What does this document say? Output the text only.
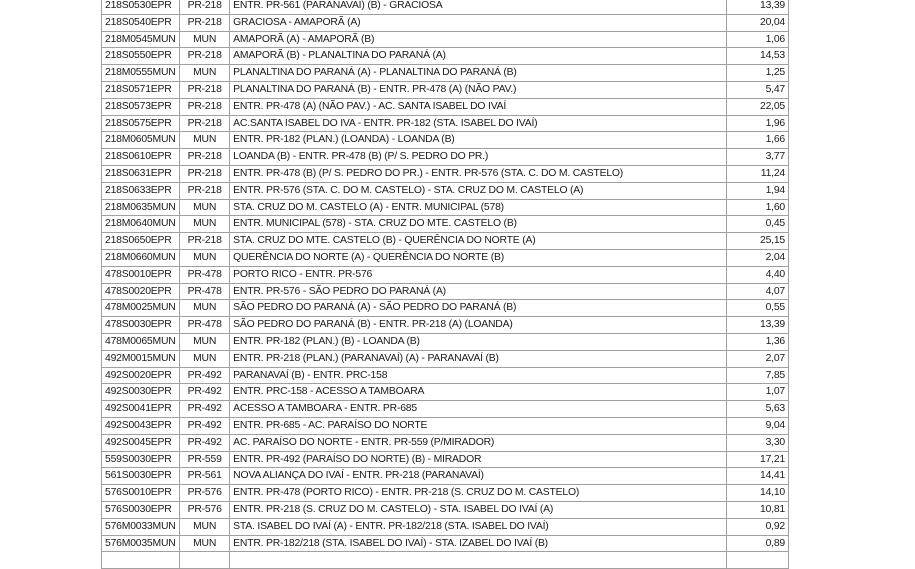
218S0530EPR	PR-218	ENTR. PR-561 (PARANAVAÍ) (B) - GRACIOSA	13,39
218S0540EPR	PR-218	GRACIOSA - AMAPORÃ (A)	20,04
218M0545MUN	MUN	AMAPORÃ (A) - AMAPORÃ (B)	1,06
218S0550EPR	PR-218	AMAPORÃ (B) - PLANALTINA DO PARANÁ (A)	14,53
218M0555MUN	MUN	PLANALTINA DO PARANÁ (A) - PLANALTINA DO PARANÁ (B)	1,25
218S0571EPR	PR-218	PLANALTINA DO PARANÁ (B) - ENTR. PR-478 (A) (NÃO PAV.)	5,47
218S0573EPR	PR-218	ENTR. PR-478 (A) (NÃO PAV.) - AC. SANTA ISABEL DO IVAÍ	22,05
218S0575EPR	PR-218	AC.SANTA ISABEL DO IVA - ENTR. PR-182 (STA. ISABEL DO IVAÍ)	1,96
218M0605MUN	MUN	ENTR. PR-182 (PLAN.) (LOANDA) - LOANDA (B)	1,66
218S0610EPR	PR-218	LOANDA (B) - ENTR. PR-478 (B) (P/ S. PEDRO DO PR.)	3,77
218S0631EPR	PR-218	ENTR. PR-478 (B) (P/ S. PEDRO DO PR.) - ENTR. PR-576 (STA. C. DO M. CASTELO)	11,24
218S0633EPR	PR-218	ENTR. PR-576 (STA. C. DO M. CASTELO) - STA. CRUZ DO M. CASTELO (A)	1,94
218M0635MUN	MUN	STA. CRUZ DO M. CASTELO (A) - ENTR. MUNICIPAL (578)	1,60
218M0640MUN	MUN	ENTR. MUNICIPAL (578) - STA. CRUZ DO MTE. CASTELO (B)	0,45
218S0650EPR	PR-218	STA. CRUZ DO MTE. CASTELO (B) - QUERÊNCIA DO NORTE (A)	25,15
218M0660MUN	MUN	QUERÊNCIA DO NORTE (A) - QUERÊNCIA DO NORTE (B)	2,04
478S0010EPR	PR-478	PORTO RICO - ENTR. PR-576	4,40
478S0020EPR	PR-478	ENTR. PR-576 - SÃO PEDRO DO PARANÁ (A)	4,07
478M0025MUN	MUN	SÃO PEDRO DO PARANÁ (A) - SÃO PEDRO DO PARANÁ (B)	0,55
478S0030EPR	PR-478	SÃO PEDRO DO PARANÁ (B) - ENTR. PR-218 (A) (LOANDA)	13,39
478M0065MUN	MUN	ENTR. PR-182 (PLAN.) (B) - LOANDA (B)	1,36
492M0015MUN	MUN	ENTR. PR-218 (PLAN.) (PARANAVAÍ) (A) - PARANAVAÍ (B)	2,07
492S0020EPR	PR-492	PARANAVAÍ (B) - ENTR. PRC-158	7,85
492S0030EPR	PR-492	ENTR. PRC-158 - ACESSO A TAMBOARA	1,07
492S0041EPR	PR-492	ACESSO A TAMBOARA - ENTR. PR-685	5,63
492S0043EPR	PR-492	ENTR. PR-685 - AC. PARAÍSO DO NORTE	9,04
492S0045EPR	PR-492	AC. PARAÍSO DO NORTE - ENTR. PR-559 (P/MIRADOR)	3,30
559S0030EPR	PR-559	ENTR. PR-492 (PARAÍSO DO NORTE) (B) - MIRADOR	17,21
561S0030EPR	PR-561	NOVA ALIANÇA DO IVAÍ - ENTR. PR-218 (PARANAVAÍ)	14,41
576S0010EPR	PR-576	ENTR. PR-478 (PORTO RICO) - ENTR. PR-218 (S. CRUZ DO M. CASTELO)	14,10
576S0030EPR	PR-576	ENTR. PR-218 (S. CRUZ DO M. CASTELO) - STA. ISABEL DO IVAÍ (A)	10,81
576M0033MUN	MUN	STA. ISABEL DO IVAÍ (A) - ENTR. PR-182/218 (STA. ISABEL DO IVAÍ)	0,92
576M0035MUN	MUN	ENTR. PR-182/218 (STA. ISABEL DO IVAÍ) - STA. IZABEL DO IVAÍ (B)	0,89
